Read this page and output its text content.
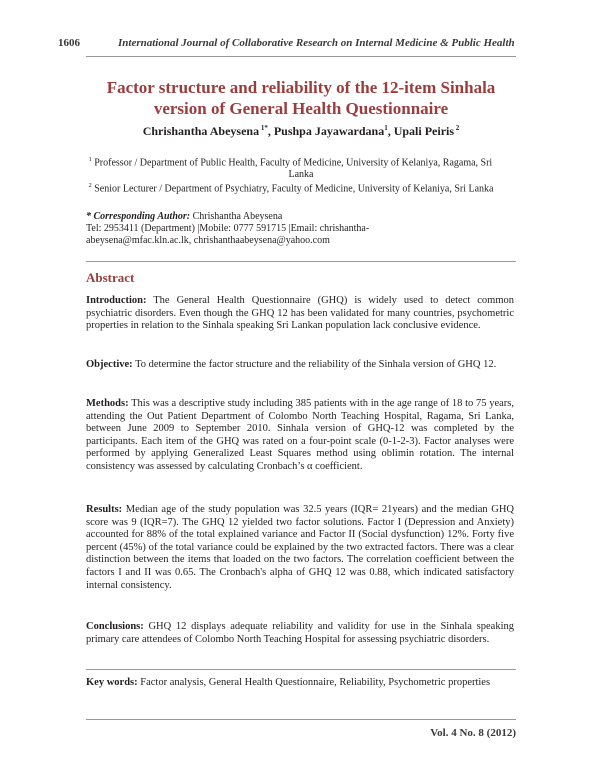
1606	International Journal of Collaborative Research on Internal Medicine & Public Health
Factor structure and reliability of the 12-item Sinhala
version of General Health Questionnaire
Chrishantha Abeysena $^{1*}$, Pushpa Jayawardana$^1$, Upali Peiris $^2$
$^1$ Professor / Department of Public Health, Faculty of Medicine, University of Kelaniya, Ragama, Sri
Lanka
$^2$ Senior Lecturer / Department of Psychiatry, Faculty of Medicine, University of Kelaniya, Sri Lanka
* Corresponding Author: Chrishantha Abeysena
Tel: 2953411 (Department) |Mobile: 0777 591715 |Email: chrishantha-
abeysena@mfac.kln.ac.lk, chrishanthaabeysena@yahoo.com
Abstract
Introduction: The General Health Questionnaire (GHQ) is widely used to detect common psychiatric disorders. Even though the GHQ 12 has been validated for many countries, psychometric properties in relation to the Sinhala speaking Sri Lankan population lack conclusive evidence.
Objective: To determine the factor structure and the reliability of the Sinhala version of GHQ 12.
Methods: This was a descriptive study including 385 patients with in the age range of 18 to 75 years, attending the Out Patient Department of Colombo North Teaching Hospital, Ragama, Sri Lanka, between June 2009 to September 2010. Sinhala version of GHQ-12 was completed by the participants. Each item of the GHQ was rated on a four-point scale (0-1-2-3). Factor analyses were performed by applying Generalized Least Squares method using oblimin rotation. The internal consistency was assessed by calculating Cronbach’s α coefficient.
Results: Median age of the study population was 32.5 years (IQR= 21years) and the median GHQ score was 9 (IQR=7). The GHQ 12 yielded two factor solutions. Factor I (Depression and Anxiety) accounted for 88% of the total explained variance and Factor II (Social dysfunction) 12%. Forty five percent (45%) of the total variance could be explained by the two extracted factors. There was a clear distinction between the items that loaded on the two factors. The correlation coefficient between the factors I and II was 0.65. The Cronbach's alpha of GHQ 12 was 0.88, which indicated satisfactory internal consistency.
Conclusions: GHQ 12 displays adequate reliability and validity for use in the Sinhala speaking primary care attendees of Colombo North Teaching Hospital for assessing psychiatric disorders.
Key words: Factor analysis, General Health Questionnaire, Reliability, Psychometric properties
Vol. 4 No. 8 (2012)
